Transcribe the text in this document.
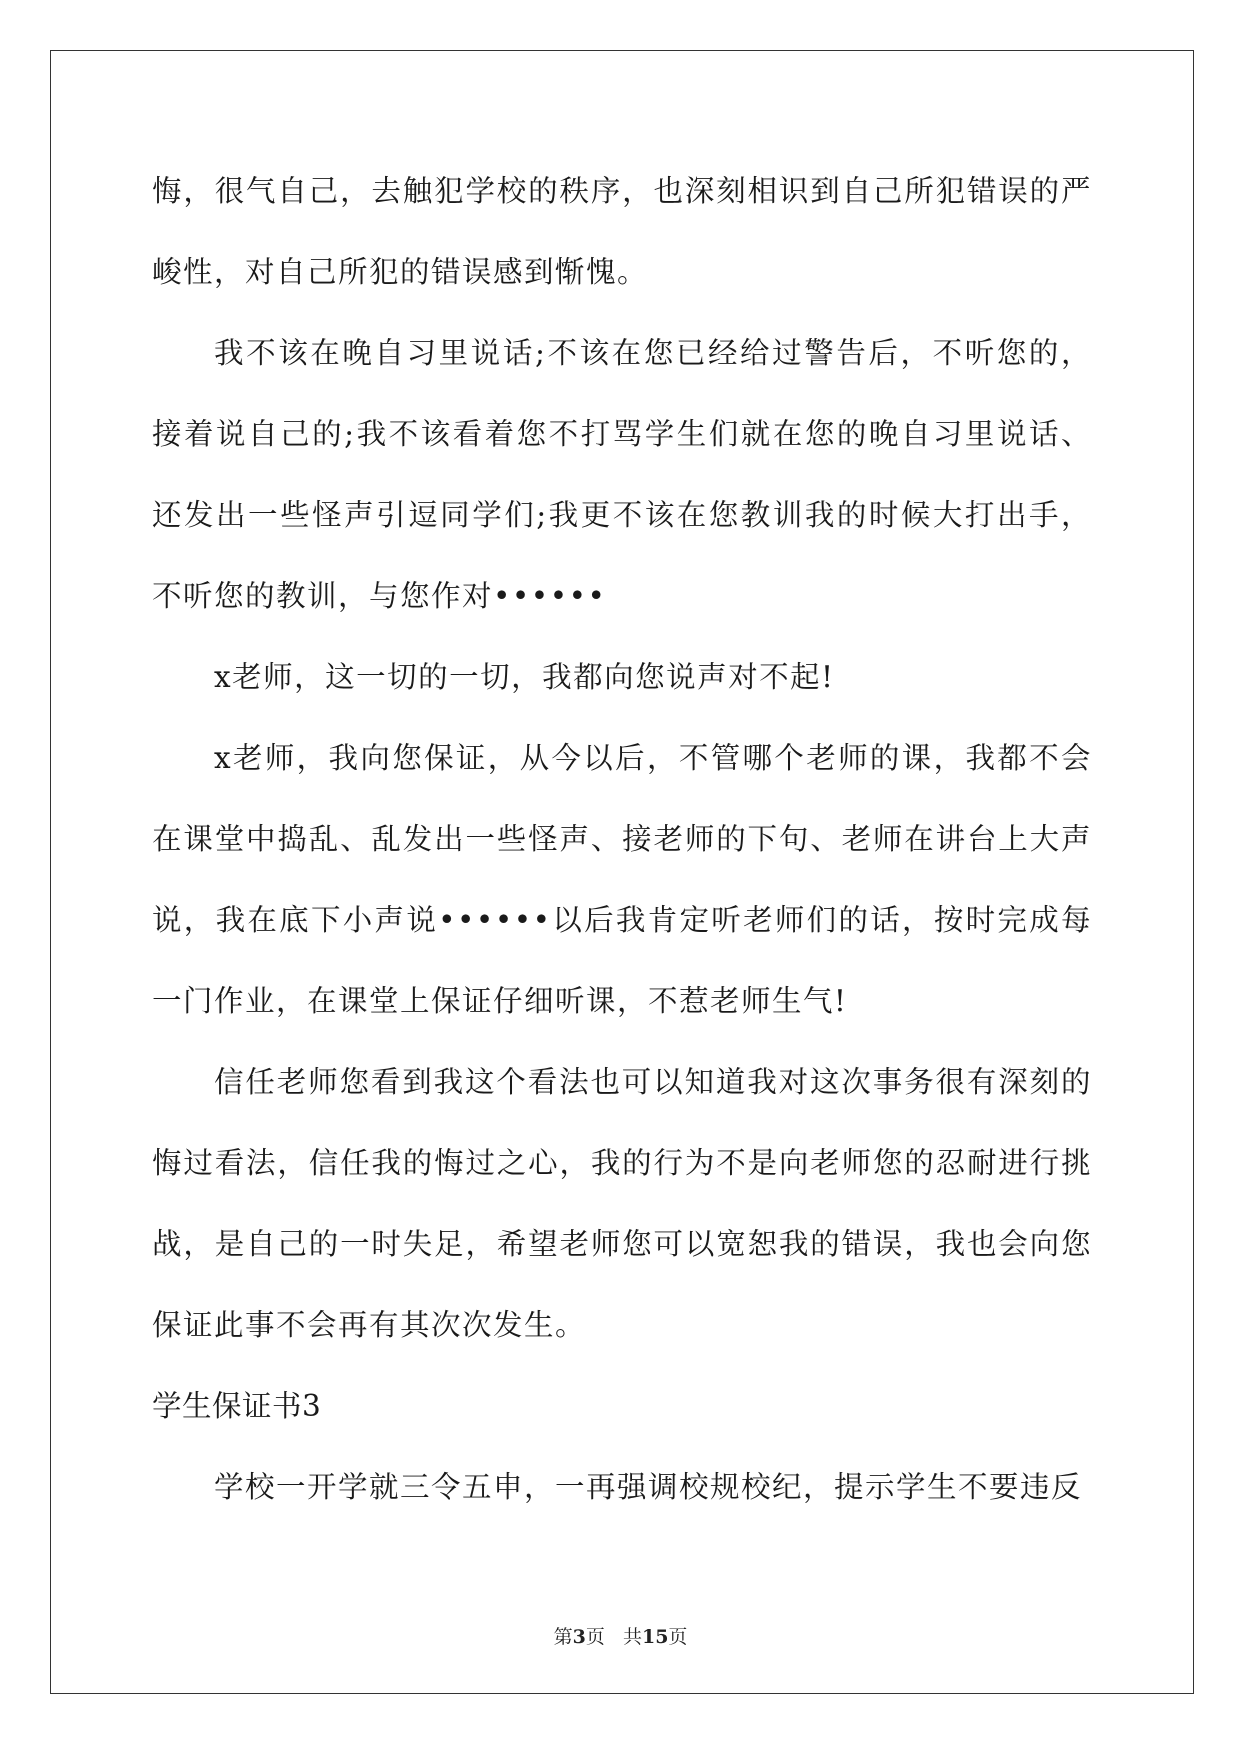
悔，很气自己，去触犯学校的秩序，也深刻相识到自己所犯错误的严峻性，对自己所犯的错误感到惭愧。

我不该在晚自习里说话;不该在您已经给过警告后，不听您的，接着说自己的;我不该看着您不打骂学生们就在您的晚自习里说话、还发出一些怪声引逗同学们;我更不该在您教训我的时候大打出手，不听您的教训，与您作对••••••

x老师，这一切的一切，我都向您说声对不起!

x老师，我向您保证，从今以后，不管哪个老师的课，我都不会在课堂中捣乱、乱发出一些怪声、接老师的下句、老师在讲台上大声说，我在底下小声说••••••以后我肯定听老师们的话，按时完成每一门作业，在课堂上保证仔细听课，不惹老师生气!

信任老师您看到我这个看法也可以知道我对这次事务很有深刻的悔过看法，信任我的悔过之心，我的行为不是向老师您的忍耐进行挑战，是自己的一时失足，希望老师您可以宽恕我的错误，我也会向您保证此事不会再有其次次发生。

学生保证书3

学校一开学就三令五申，一再强调校规校纪，提示学生不要违反

第3页 共15页
